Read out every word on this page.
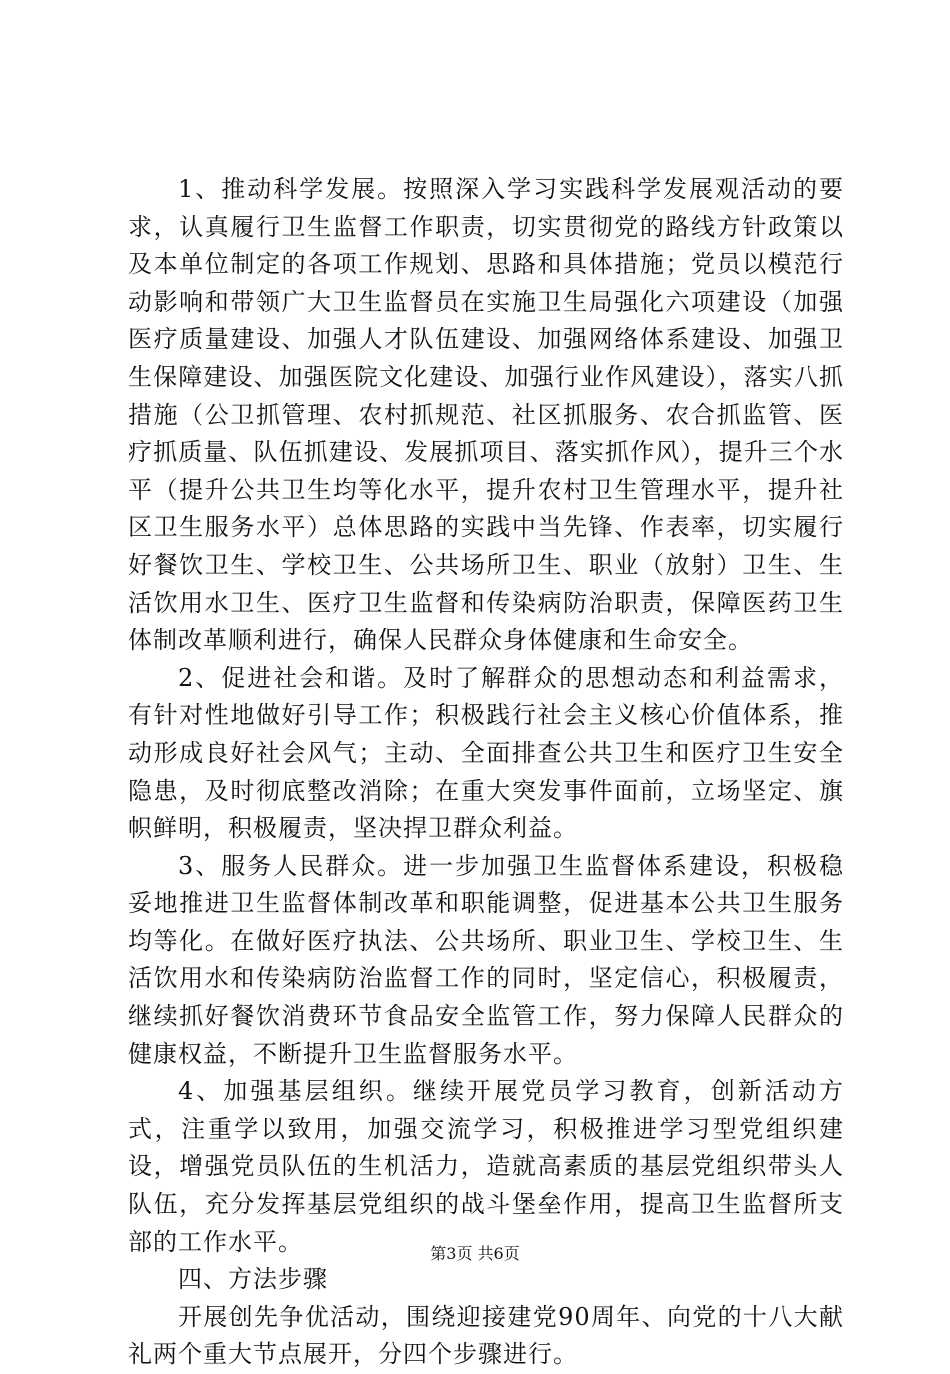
1、推动科学发展。按照深入学习实践科学发展观活动的要求，认真履行卫生监督工作职责，切实贯彻党的路线方针政策以及本单位制定的各项工作规划、思路和具体措施；党员以模范行动影响和带领广大卫生监督员在实施卫生局强化六项建设（加强医疗质量建设、加强人才队伍建设、加强网络体系建设、加强卫生保障建设、加强医院文化建设、加强行业作风建设），落实八抓措施（公卫抓管理、农村抓规范、社区抓服务、农合抓监管、医疗抓质量、队伍抓建设、发展抓项目、落实抓作风），提升三个水平（提升公共卫生均等化水平，提升农村卫生管理水平，提升社区卫生服务水平）总体思路的实践中当先锋、作表率，切实履行好餐饮卫生、学校卫生、公共场所卫生、职业（放射）卫生、生活饮用水卫生、医疗卫生监督和传染病防治职责，保障医药卫生体制改革顺利进行，确保人民群众身体健康和生命安全。

2、促进社会和谐。及时了解群众的思想动态和利益需求，有针对性地做好引导工作；积极践行社会主义核心价值体系，推动形成良好社会风气；主动、全面排查公共卫生和医疗卫生安全隐患，及时彻底整改消除；在重大突发事件面前，立场坚定、旗帜鲜明，积极履责，坚决捍卫群众利益。

3、服务人民群众。进一步加强卫生监督体系建设，积极稳妥地推进卫生监督体制改革和职能调整，促进基本公共卫生服务均等化。在做好医疗执法、公共场所、职业卫生、学校卫生、生活饮用水和传染病防治监督工作的同时，坚定信心，积极履责，继续抓好餐饮消费环节食品安全监管工作，努力保障人民群众的健康权益，不断提升卫生监督服务水平。

4、加强基层组织。继续开展党员学习教育，创新活动方式，注重学以致用，加强交流学习，积极推进学习型党组织建设，增强党员队伍的生机活力，造就高素质的基层党组织带头人队伍，充分发挥基层党组织的战斗堡垒作用，提高卫生监督所支部的工作水平。

四、方法步骤

开展创先争优活动，围绕迎接建党90周年、向党的十八大献礼两个重大节点展开，分四个步骤进行。

第3页 共6页
